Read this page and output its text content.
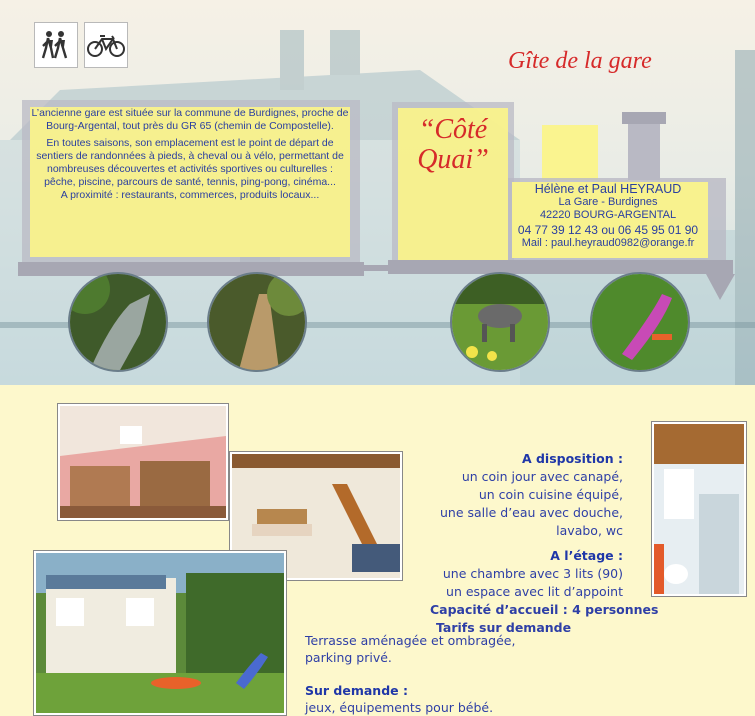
Gîte de la gare

L’ancienne gare est située sur la commune de Burdignes, proche de Bourg-Argental, tout près du GR 65 (chemin de Compostelle).

En toutes saisons, son emplacement est le point de départ de sentiers de randonnées à pieds, à cheval ou à vélo, permettant de nombreuses découvertes et activités sportives ou culturelles :

pêche, piscine, parcours de santé, tennis, ping-pong, cinéma...

A proximité : restaurants, commerces, produits locaux...

“Côté
Quai”
Hélène et Paul HEYRAUD
La Gare - Burdignes
42220 BOURG-ARGENTAL
04 77 39 12 43 ou 06 45 95 01 90
Mail : paul.heyraud0982@orange.fr
A disposition :
un coin jour avec canapé,
un coin cuisine équipé,
une salle d’eau avec douche,
lavabo, wc
A l’étage :
une chambre avec 3 lits (90)
un espace avec lit d’appoint
Capacité d’accueil : 4 personnes
Tarifs sur demande
Terrasse aménagée et ombragée,
parking privé.
Sur demande :
jeux, équipements pour bébé.
